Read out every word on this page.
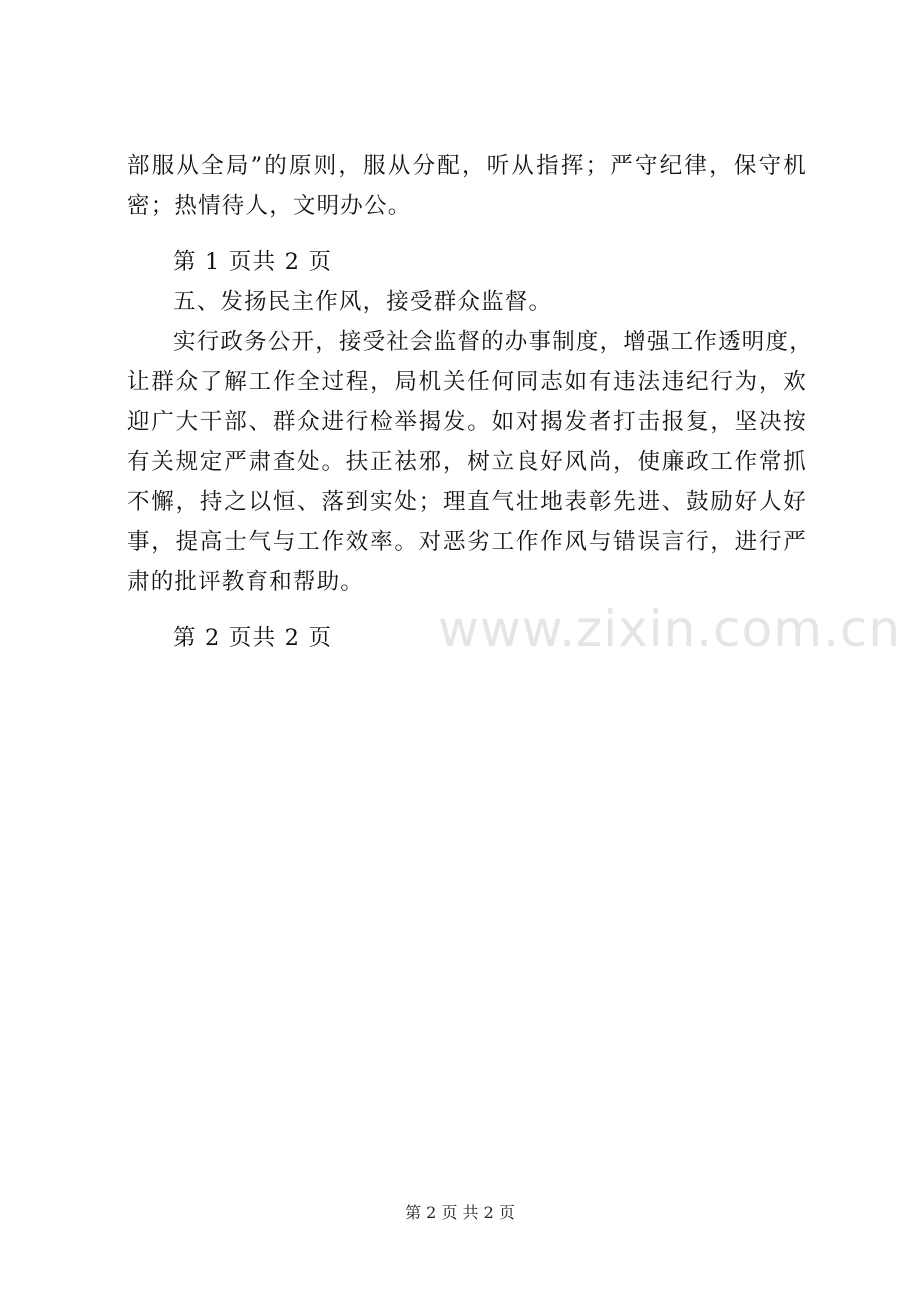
部服从全局”的原则，服从分配，听从指挥；严守纪律，保守机
密；热情待人，文明办公。
第 1 页共 2 页
五、发扬民主作风，接受群众监督。
实行政务公开，接受社会监督的办事制度，增强工作透明度，
让群众了解工作全过程，局机关任何同志如有违法违纪行为，欢
迎广大干部、群众进行检举揭发。如对揭发者打击报复，坚决按
有关规定严肃查处。扶正祛邪，树立良好风尚，使廉政工作常抓
不懈，持之以恒、落到实处；理直气壮地表彰先进、鼓励好人好
事，提高士气与工作效率。对恶劣工作作风与错误言行，进行严
肃的批评教育和帮助。
第 2 页共 2 页	www.zixin.com.cn
第 2 页 共 2 页
